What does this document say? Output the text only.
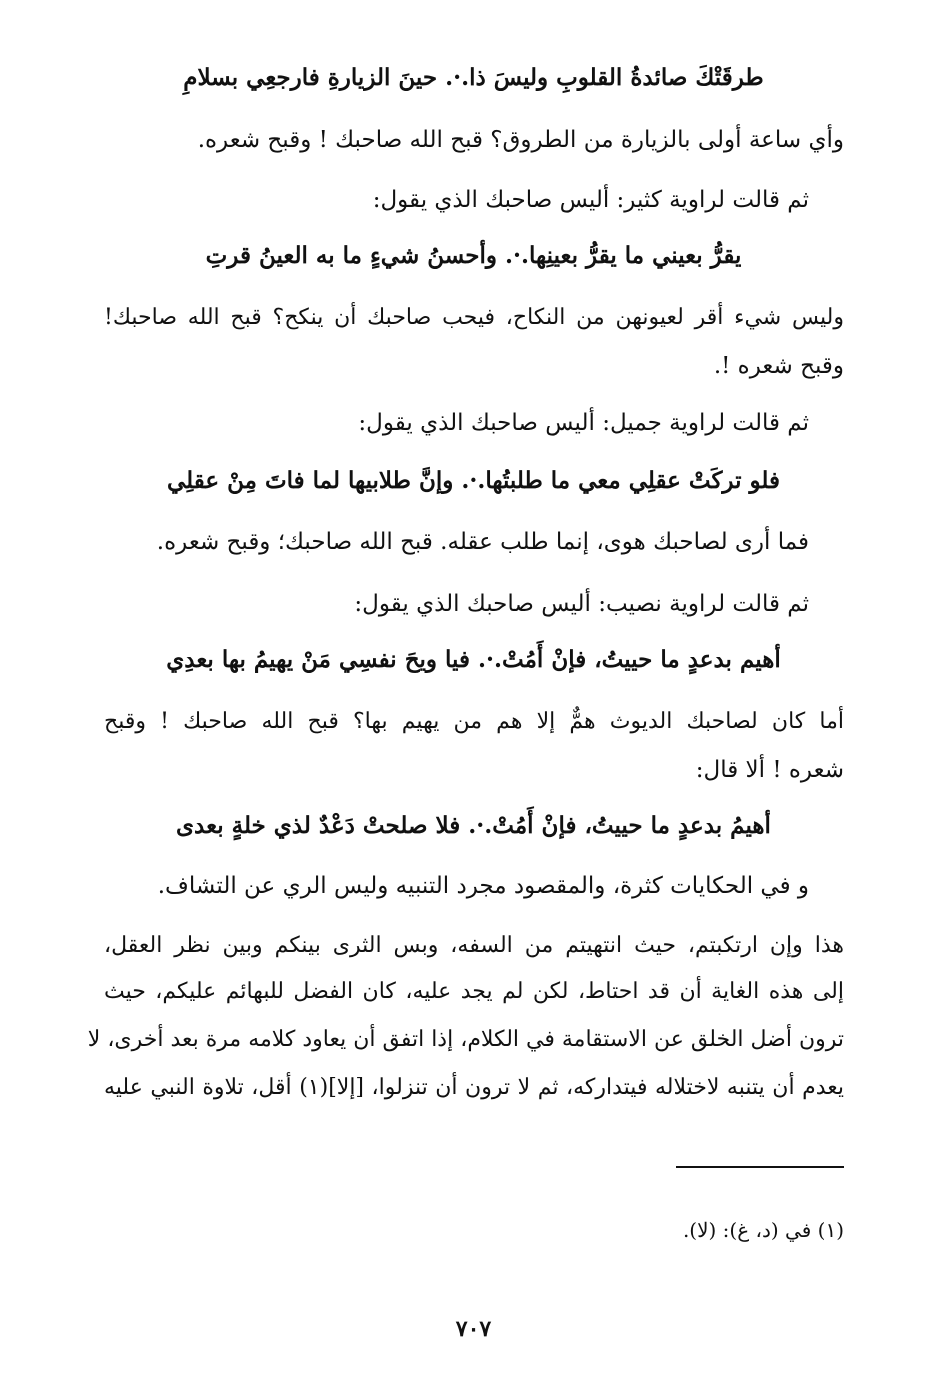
طرقَتْكَ صائدةُ القلوبِ وليسَ ذا.·. حينَ الزيارةِ فارجعِي بسلامِ

وأي ساعة أولى بالزيارة من الطروق؟ قبح الله صاحبك ! وقبح شعره.

ثم قالت لراوية كثير: أليس صاحبك الذي يقول:

يقرُّ بعيني ما يقرُّ بعينِها.·. وأحسنُ شيءٍ ما به العينُ قرتِ

وليس شيء أقر لعيونهن من النكاح، فيحب صاحبك أن ينكح؟ قبح الله صاحبك!

وقبح شعره !.

ثم قالت لراوية جميل: أليس صاحبك الذي يقول:

فلو تركَتْ عقلِي معي ما طلبتُها.·. وإنَّ طلابيها لما فاتَ مِنْ عقلِي

فما أرى لصاحبك هوى، إنما طلب عقله. قبح الله صاحبك؛ وقبح شعره.

ثم قالت لراوية نصيب: أليس صاحبك الذي يقول:

أهيم بدعدٍ ما حييتُ، فإنْ أَمُتْ.·. فيا ويحَ نفسِي مَنْ يهيمُ بها بعدِي

أما كان لصاحبك الديوث همٌّ إلا هم من يهيم بها؟ قبح الله صاحبك ! وقبح

شعره ! ألا قال:

أهيمُ بدعدٍ ما حييتُ، فإنْ أَمُتْ.·. فلا صلحتْ دَعْدٌ لذي خلةٍ بعدى

و في الحكايات كثرة، والمقصود مجرد التنبيه وليس الري عن التشاف.

هذا وإن ارتكبتم، حيث انتهيتم من السفه، وبس الثرى بينكم وبين نظر العقل،

إلى هذه الغاية أن قد احتاط، لكن لم يجد عليه، كان الفضل للبهائم عليكم، حيث

ترون أضل الخلق عن الاستقامة في الكلام، إذا اتفق أن يعاود كلامه مرة بعد أخرى، لا

يعدم أن يتنبه لاختلاله فيتداركه، ثم لا ترون أن تنزلوا، [إلا](١) أقل، تلاوة النبي عليه

(١) في (د، غ): (لا).

٧٠٧
